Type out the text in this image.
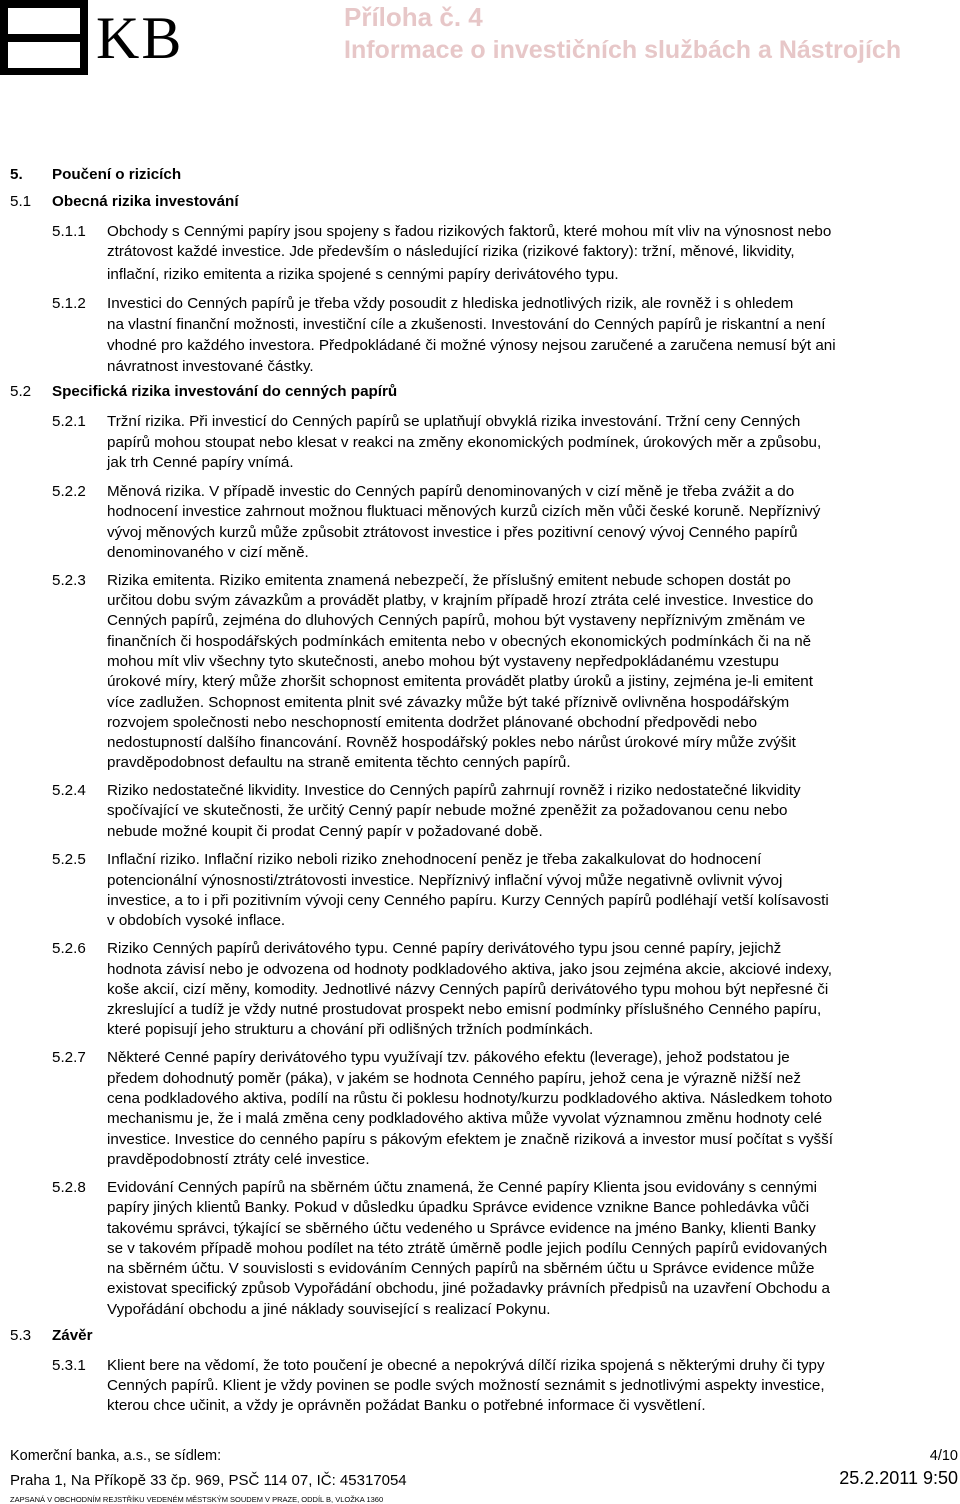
KB	Příloha č. 4
Informace o investičních službách a Nástrojích
5. Poučení o rizicích
5.1 Obecná rizika investování
5.1.1 Obchody s Cennými papíry jsou spojeny s řadou rizikových faktorů, které mohou mít vliv na výnosnost nebo
ztrátovost každé investice. Jde především o následující rizika (rizikové faktory): tržní, měnové, likvidity,
inflační, riziko emitenta a rizika spojené s cennými papíry derivátového typu.
5.1.2 Investici do Cenných papírů je třeba vždy posoudit z hlediska jednotlivých rizik, ale rovněž i s ohledem
na vlastní finanční možnosti, investiční cíle a zkušenosti. Investování do Cenných papírů je riskantní a není
vhodné pro každého investora. Předpokládané či možné výnosy nejsou zaručené a zaručena nemusí být ani
návratnost investované částky.
5.2 Specifická rizika investování do cenných papírů
5.2.1 Tržní rizika. Při investicí do Cenných papírů se uplatňují obvyklá rizika investování. Tržní ceny Cenných
papírů mohou stoupat nebo klesat v reakci na změny ekonomických podmínek, úrokových měr a způsobu,
jak trh Cenné papíry vnímá.
5.2.2 Měnová rizika. V případě investic do Cenných papírů denominovaných v cizí měně je třeba zvážit a do
hodnocení investice zahrnout možnou fluktuaci měnových kurzů cizích měn vůči české koruně. Nepříznivý
vývoj měnových kurzů může způsobit ztrátovost investice i přes pozitivní cenový vývoj Cenného papírů
denominovaného v cizí měně.
5.2.3 Rizika emitenta. Riziko emitenta znamená nebezpečí, že příslušný emitent nebude schopen dostát po
určitou dobu svým závazkům a provádět platby, v krajním případě hrozí ztráta celé investice. Investice do
Cenných papírů, zejména do dluhových Cenných papírů, mohou být vystaveny nepříznivým změnám ve
finančních či hospodářských podmínkách emitenta nebo v obecných ekonomických podmínkách či na ně
mohou mít vliv všechny tyto skutečnosti, anebo mohou být vystaveny nepředpokládanému vzestupu
úrokové míry, který může zhoršit schopnost emitenta provádět platby úroků a jistiny, zejména je-li emitent
více zadlužen. Schopnost emitenta plnit své závazky může být také příznivě ovlivněna hospodářským
rozvojem společnosti nebo neschopností emitenta dodržet plánované obchodní předpovědi nebo
nedostupností dalšího financování. Rovněž hospodářský pokles nebo nárůst úrokové míry může zvýšit
pravděpodobnost defaultu na straně emitenta těchto cenných papírů.
5.2.4 Riziko nedostatečné likvidity. Investice do Cenných papírů zahrnují rovněž i riziko nedostatečné likvidity
spočívající ve skutečnosti, že určitý Cenný papír nebude možné zpeněžit za požadovanou cenu nebo
nebude možné koupit či prodat Cenný papír v požadované době.
5.2.5 Inflační riziko. Inflační riziko neboli riziko znehodnocení peněz je třeba zakalkulovat do hodnocení
potencionální výnosnosti/ztrátovosti investice. Nepříznivý inflační vývoj může negativně ovlivnit vývoj
investice, a to i při pozitivním vývoji ceny Cenného papíru. Kurzy Cenných papírů podléhají vetší kolísavosti
v obdobích vysoké inflace.
5.2.6 Riziko Cenných papírů derivátového typu. Cenné papíry derivátového typu jsou cenné papíry, jejichž
hodnota závisí nebo je odvozena od hodnoty podkladového aktiva, jako jsou zejména akcie, akciové indexy,
koše akcií, cizí měny, komodity. Jednotlivé názvy Cenných papírů derivátového typu mohou být nepřesné či
zkreslující a tudíž je vždy nutné prostudovat prospekt nebo emisní podmínky příslušného Cenného papíru,
které popisují jeho strukturu a chování při odlišných tržních podmínkách.
5.2.7 Některé Cenné papíry derivátového typu využívají tzv. pákového efektu (leverage), jehož podstatou je
předem dohodnutý poměr (páka), v jakém se hodnota Cenného papíru, jehož cena je výrazně nižší než
cena podkladového aktiva, podílí na růstu či poklesu hodnoty/kurzu podkladového aktiva. Následkem tohoto
mechanismu je, že i malá změna ceny podkladového aktiva může vyvolat významnou změnu hodnoty celé
investice. Investice do cenného papíru s pákovým efektem je značně riziková a investor musí počítat s vyšší
pravděpodobností ztráty celé investice.
5.2.8 Evidování Cenných papírů na sběrném účtu znamená, že Cenné papíry Klienta jsou evidovány s cennými
papíry jiných klientů Banky. Pokud v důsledku úpadku Správce evidence vznikne Bance pohledávka vůči
takovému správci, týkající se sběrného účtu vedeného u Správce evidence na jméno Banky, klienti Banky
se v takovém případě mohou podílet na této ztrátě úměrně podle jejich podílu Cenných papírů evidovaných
na sběrném účtu. V souvislosti s evidováním Cenných papírů na sběrném účtu u Správce evidence může
existovat specifický způsob Vypořádání obchodu, jiné požadavky právních předpisů na uzavření Obchodu a
Vypořádání obchodu a jiné náklady související s realizací Pokynu.
5.3 Závěr
5.3.1 Klient bere na vědomí, že toto poučení je obecné a nepokrývá dílčí rizika spojená s některými druhy či typy
Cenných papírů. Klient je vždy povinen se podle svých možností seznámit s jednotlivými aspekty investice,
kterou chce učinit, a vždy je oprávněn požádat Banku o potřebné informace či vysvětlení.
Komerční banka, a.s., se sídlem:
Praha 1, Na Příkopě 33 čp. 969, PSČ 114 07, IČ: 45317054
ZAPSANÁ V OBCHODNÍM REJSTŘÍKU VEDENÉM MĚSTSKÝM SOUDEM V PRAZE, ODDÍL B, VLOŽKA 1360
4/10
25.2.2011 9:50
